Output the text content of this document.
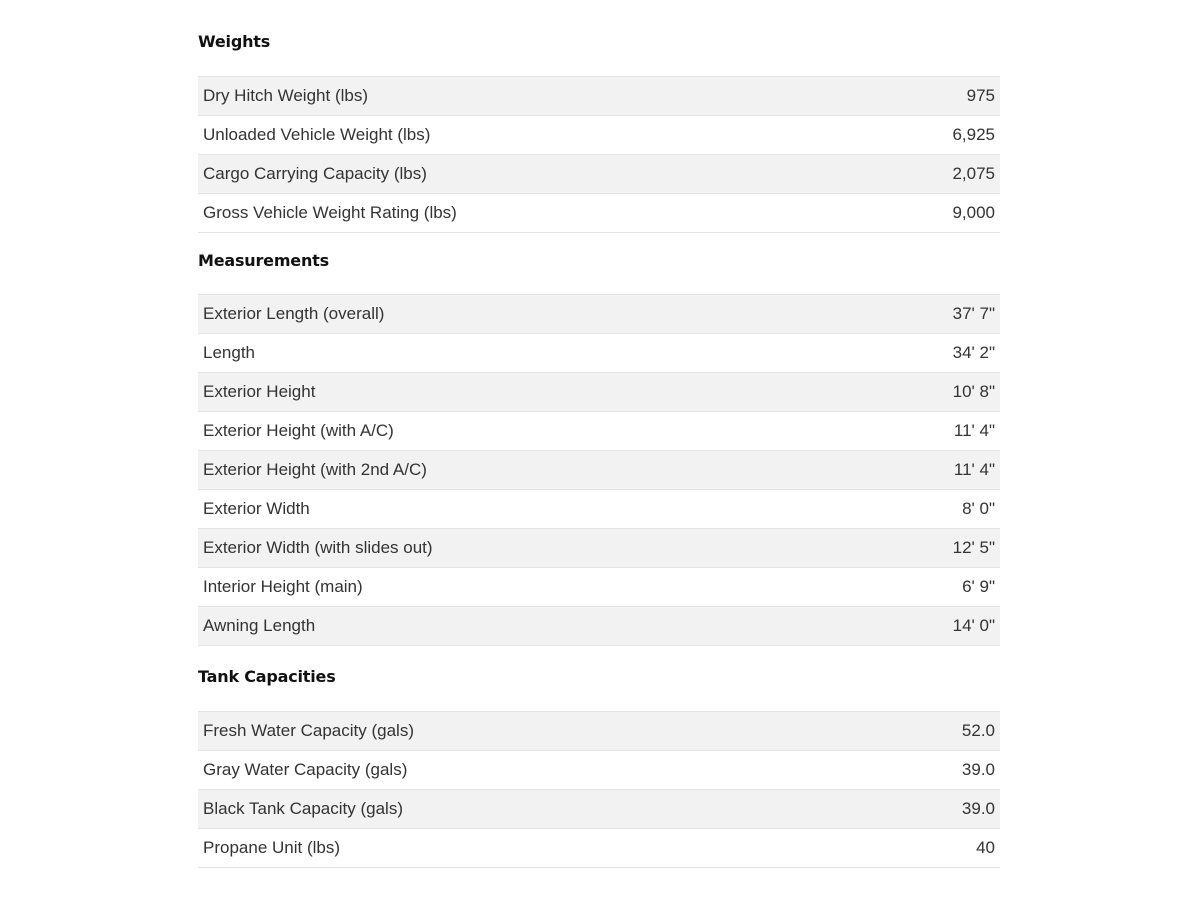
Weights
Dry Hitch Weight (lbs)	975
Unloaded Vehicle Weight (lbs)	6,925
Cargo Carrying Capacity (lbs)	2,075
Gross Vehicle Weight Rating (lbs)	9,000
Measurements
Exterior Length (overall)	37' 7"
Length	34' 2"
Exterior Height	10' 8"
Exterior Height (with A/C)	11' 4"
Exterior Height (with 2nd A/C)	11' 4"
Exterior Width	8' 0"
Exterior Width (with slides out)	12' 5"
Interior Height (main)	6' 9"
Awning Length	14' 0"
Tank Capacities
Fresh Water Capacity (gals)	52.0
Gray Water Capacity (gals)	39.0
Black Tank Capacity (gals)	39.0
Propane Unit (lbs)	40
